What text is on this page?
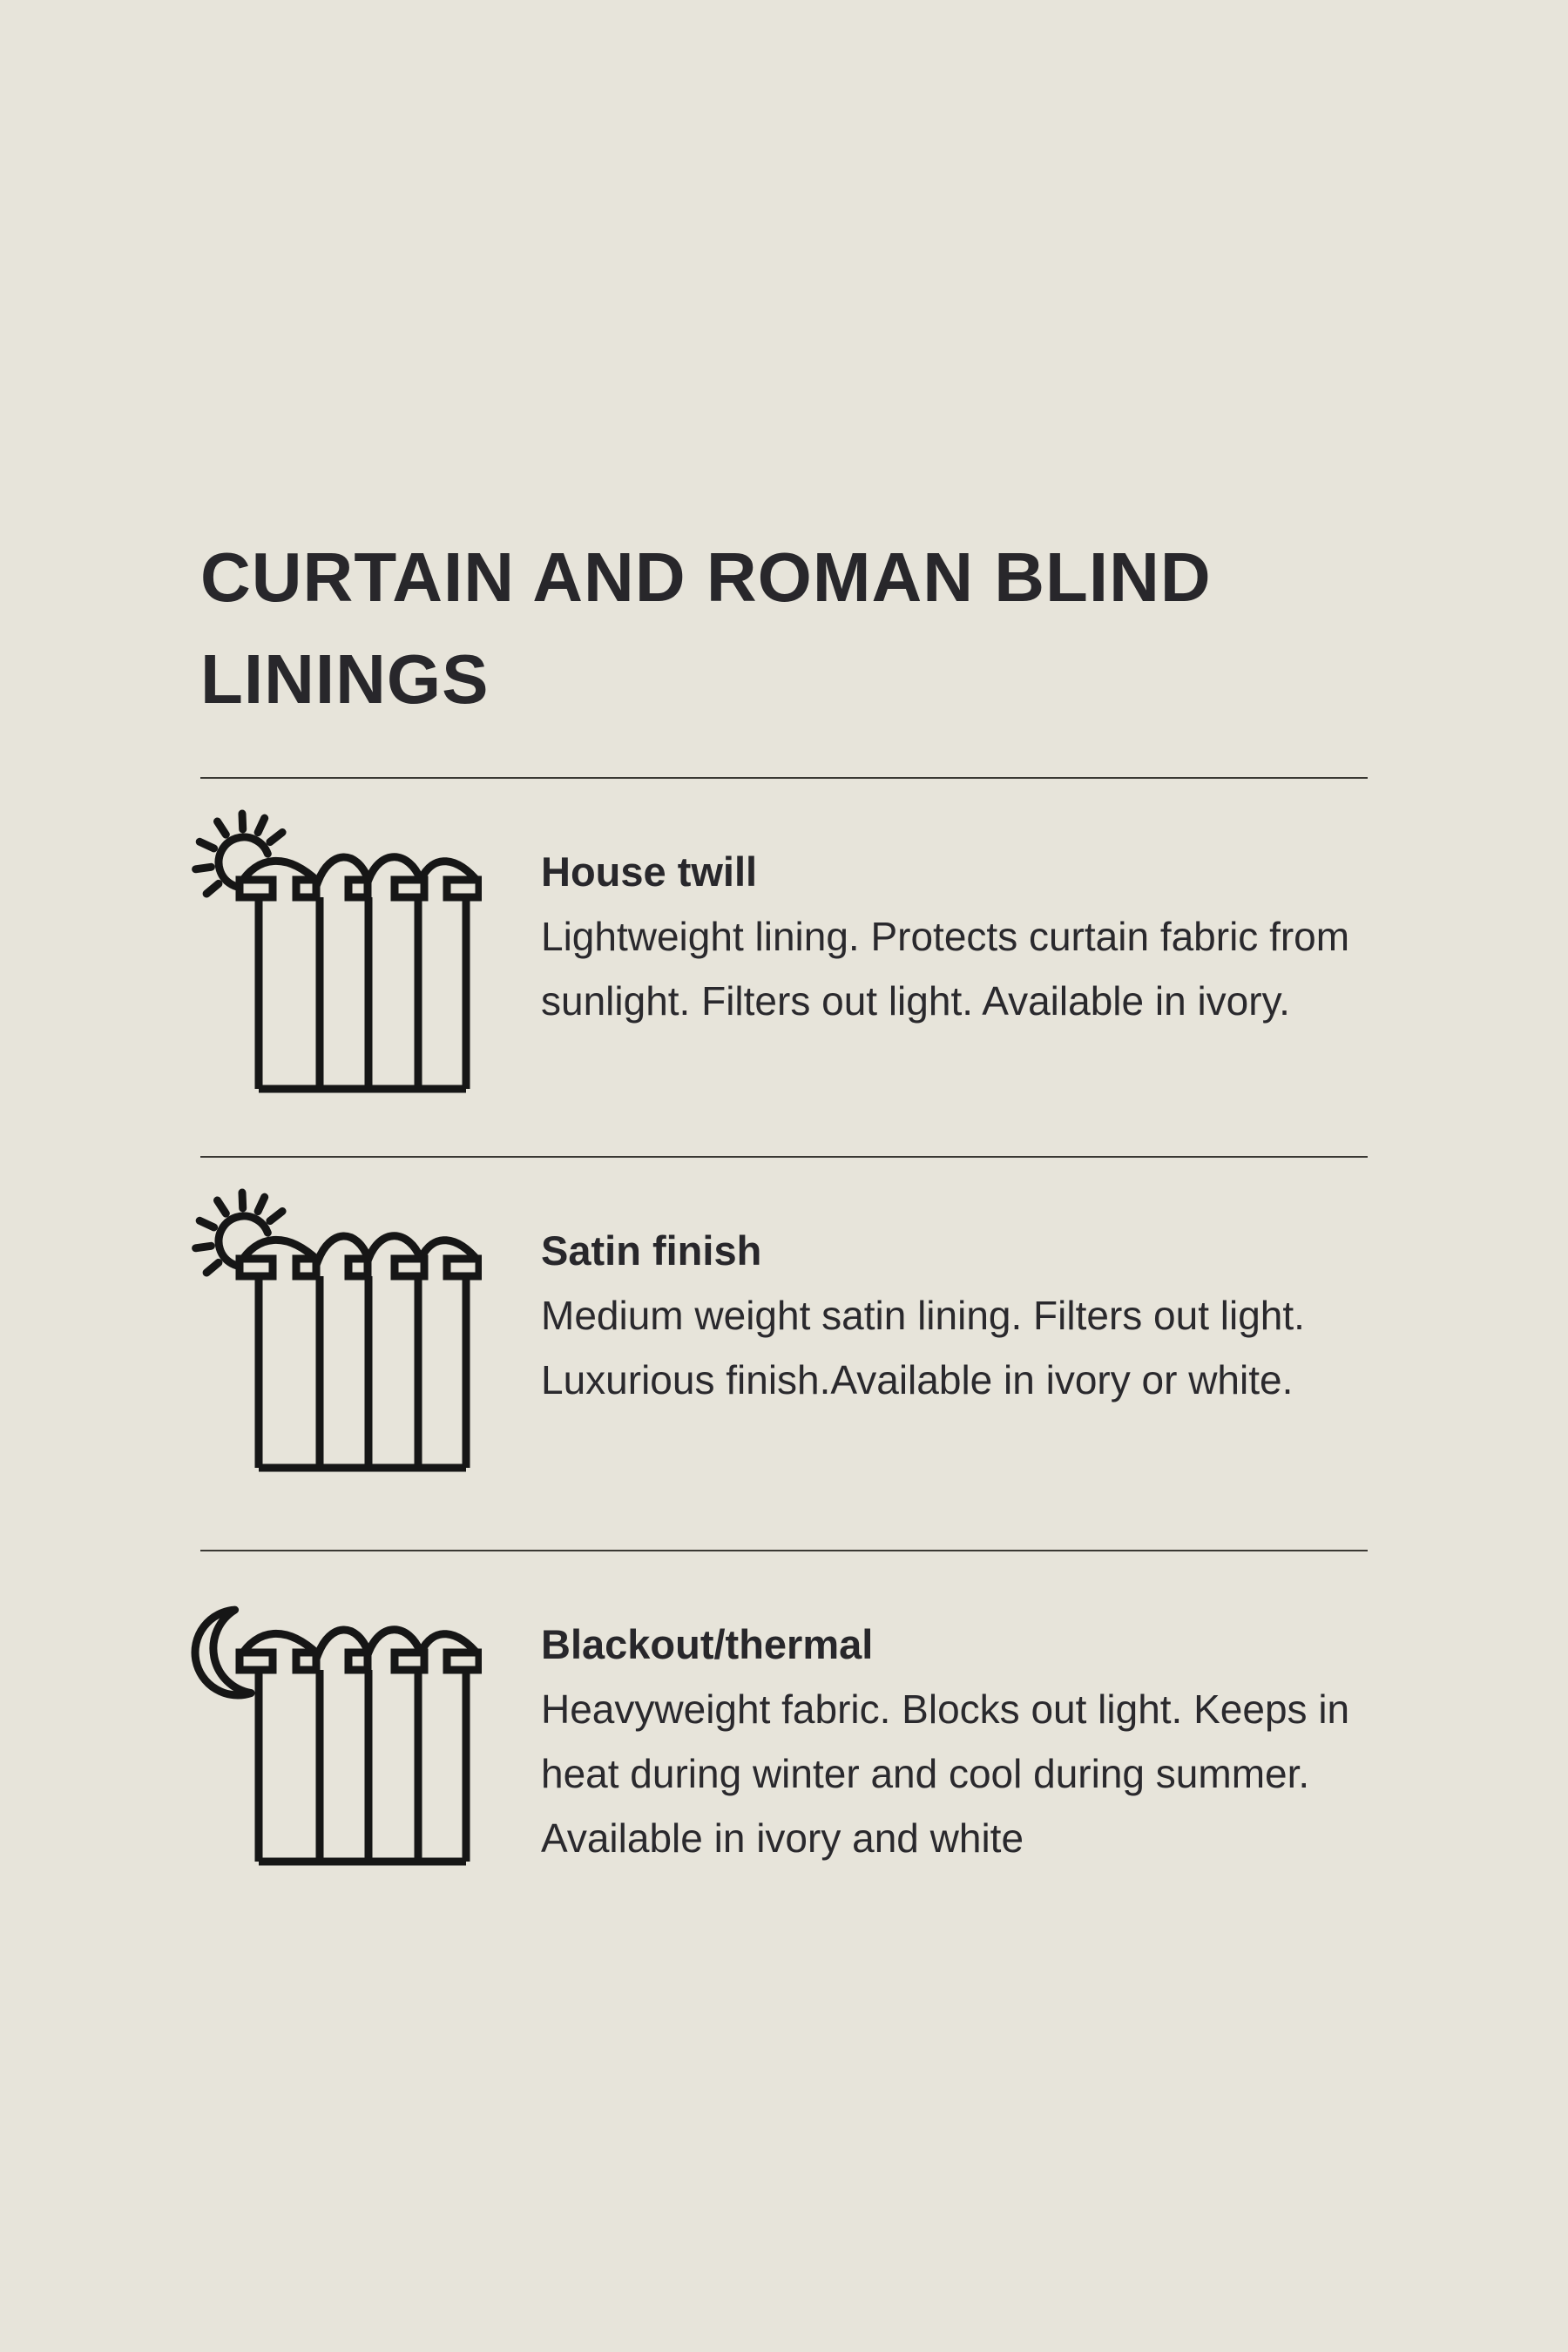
CURTAIN AND ROMAN BLIND LININGS
House twill

Lightweight lining. Protects curtain fabric from sunlight. Filters out light. Available in ivory.

Satin finish

Medium weight satin lining. Filters out light. Luxurious finish.Available in ivory or white.

Blackout/thermal

Heavyweight fabric. Blocks out light. Keeps in heat during winter and cool during summer. Available in ivory and white
